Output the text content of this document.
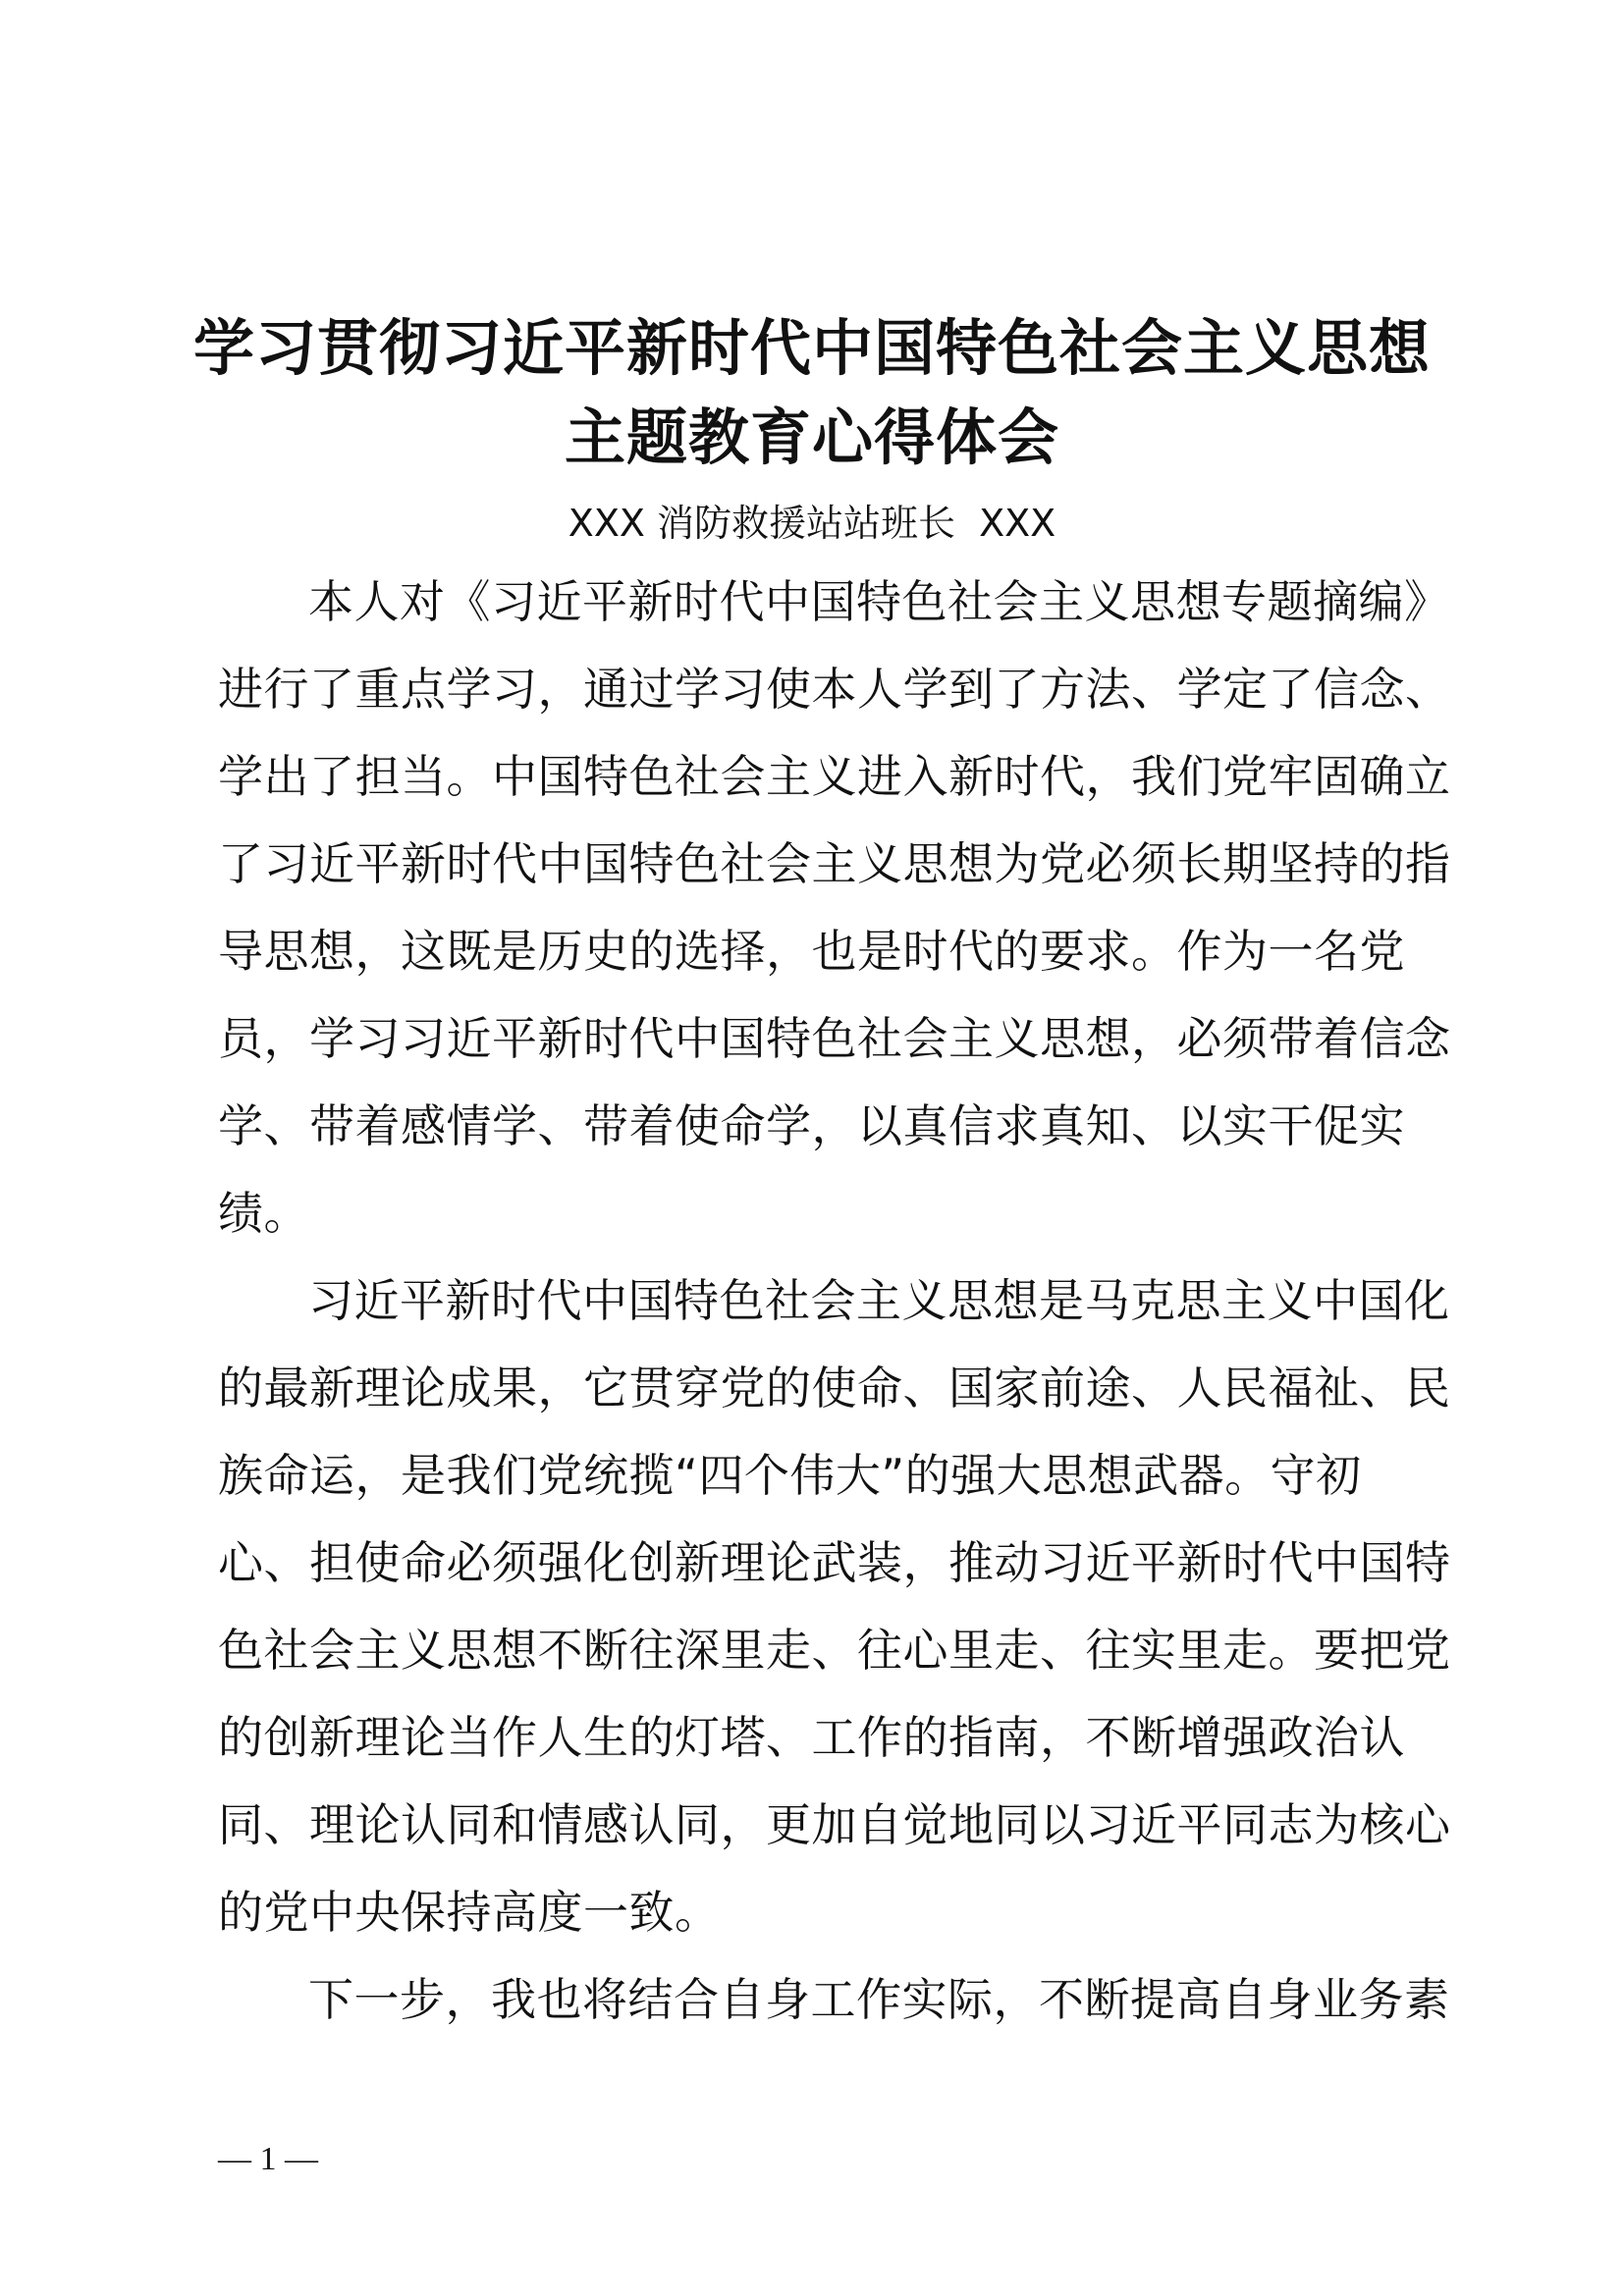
学习贯彻习近平新时代中国特色社会主义思想
主题教育心得体会
XXX 消防救援站站班长  XXX
本人对《习近平新时代中国特色社会主义思想专题摘编》
进行了重点学习，通过学习使本人学到了方法、学定了信念、
学出了担当。中国特色社会主义进入新时代，我们党牢固确立
了习近平新时代中国特色社会主义思想为党必须长期坚持的指
导思想，这既是历史的选择，也是时代的要求。作为一名党
员，学习习近平新时代中国特色社会主义思想，必须带着信念
学、带着感情学、带着使命学，以真信求真知、以实干促实
绩。
习近平新时代中国特色社会主义思想是马克思主义中国化
的最新理论成果，它贯穿党的使命、国家前途、人民福祉、民
族命运，是我们党统揽“四个伟大”的强大思想武器。守初
心、担使命必须强化创新理论武装，推动习近平新时代中国特
色社会主义思想不断往深里走、往心里走、往实里走。要把党
的创新理论当作人生的灯塔、工作的指南，不断增强政治认
同、理论认同和情感认同，更加自觉地同以习近平同志为核心
的党中央保持高度一致。
下一步，我也将结合自身工作实际，不断提高自身业务素
— 1 —
